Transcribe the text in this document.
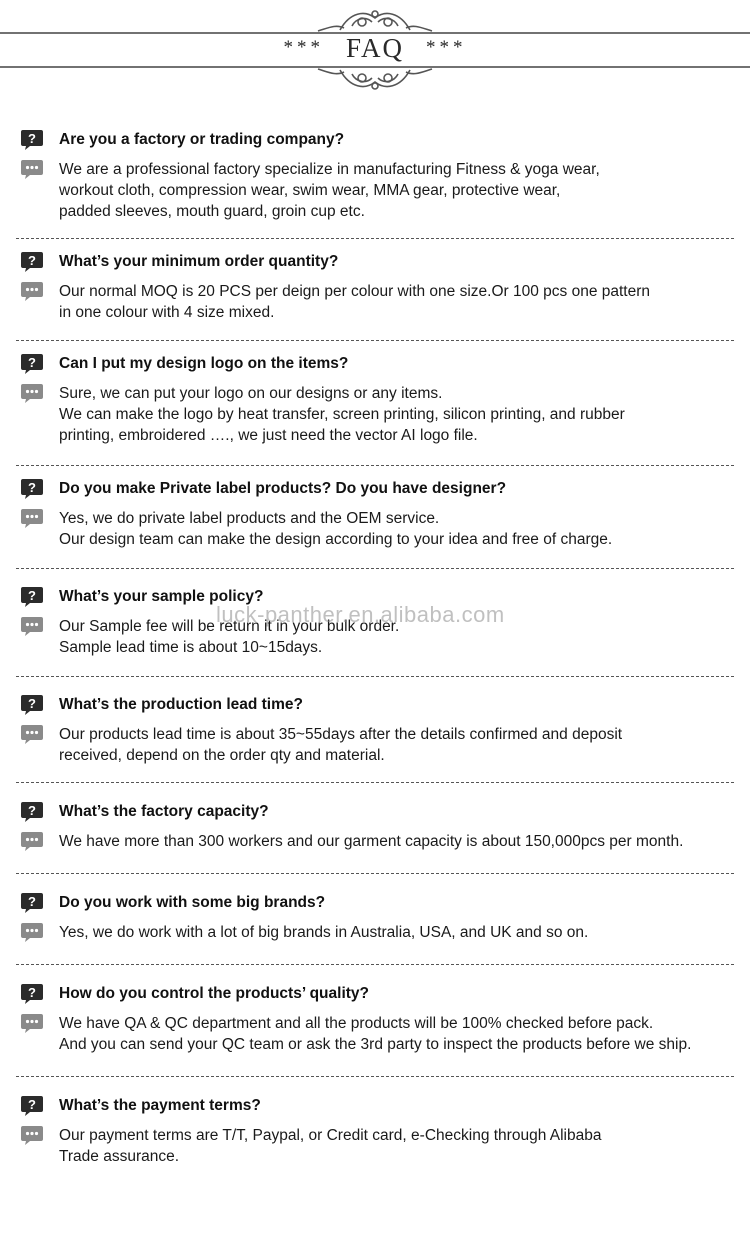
*** FAQ ***
? Are you a factory or trading company?
We are a professional factory specialize in manufacturing Fitness & yoga wear,
workout cloth, compression wear, swim wear, MMA gear, protective wear,
padded sleeves, mouth guard, groin cup etc.
? What’s your minimum order quantity?
Our normal MOQ is 20 PCS per deign per colour with one size.Or 100 pcs one pattern
in one colour with 4 size mixed.
? Can I put my design logo on the items?
Sure, we can put your logo on our designs or any items.
We can make the logo by heat transfer, screen printing, silicon printing, and rubber
printing, embroidered …., we just need the vector AI logo file.
? Do you make Private label products? Do you have designer?
Yes, we do private label products and the OEM service.
Our design team can make the design according to your idea and free of charge.
? What’s your sample policy?
Our Sample fee will be return it in your bulk order.
Sample lead time is about 10~15days.
? What’s the production lead time?
Our products lead time is about 35~55days after the details confirmed and deposit
received, depend on the order qty and material.
? What’s the factory capacity?
We have more than 300 workers and our garment capacity is about 150,000pcs per month.
? Do you work with some big brands?
Yes, we do work with a lot of big brands in Australia, USA, and UK and so on.
? How do you control the products’ quality?
We have QA & QC department and all the products will be 100% checked before pack.
And you can send your QC team or ask the 3rd party to inspect the products before we ship.
? What’s the payment terms?
Our payment terms are T/T, Paypal, or Credit card, e-Checking through Alibaba
Trade assurance.
luck-panther.en.alibaba.com
